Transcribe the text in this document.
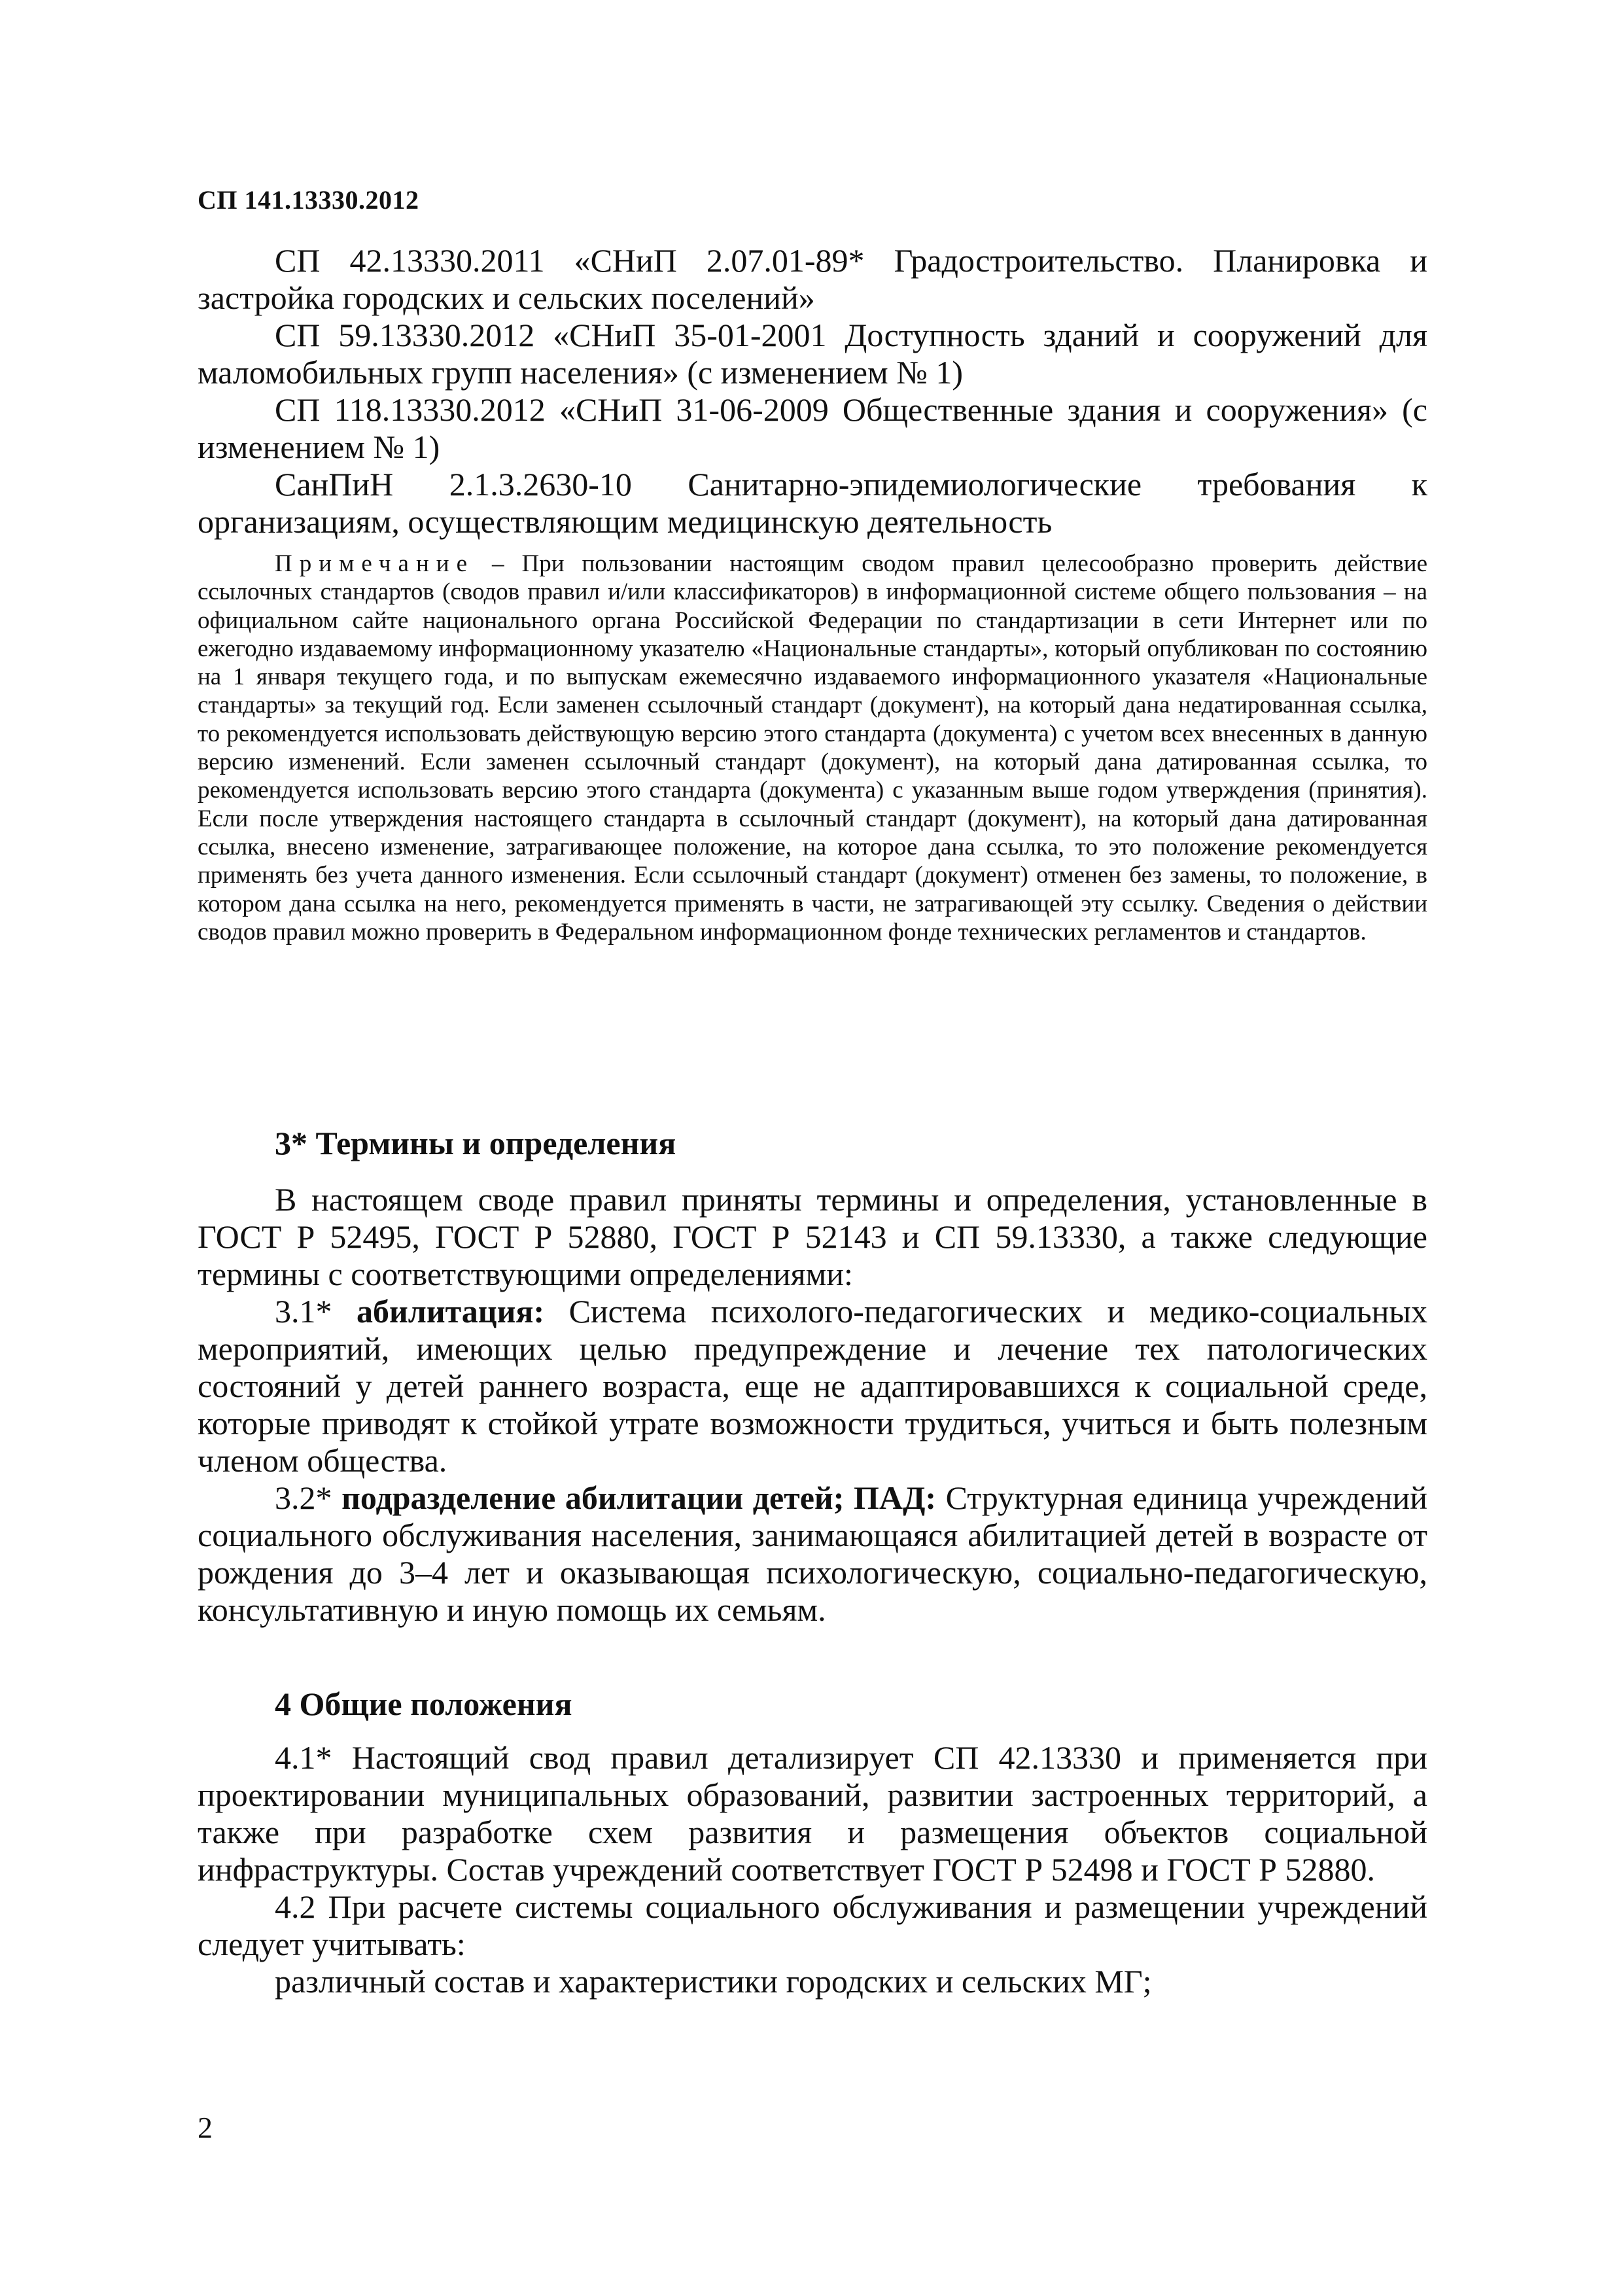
СП 141.13330.2012

СП 42.13330.2011 «СНиП 2.07.01-89* Градостроительство. Планировка и застройка городских и сельских поселений»

СП 59.13330.2012 «СНиП 35-01-2001 Доступность зданий и сооружений для маломобильных групп населения» (с изменением № 1)

СП 118.13330.2012 «СНиП 31-06-2009 Общественные здания и сооружения» (с изменением № 1)

СанПиН 2.1.3.2630-10 Санитарно-эпидемиологические требования к организациям, осуществляющим медицинскую деятельность

Примечание – При пользовании настоящим сводом правил целесообразно проверить действие ссылочных стандартов (сводов правил и/или классификаторов) в информационной системе общего пользования – на официальном сайте национального органа Российской Федерации по стандартизации в сети Интернет или по ежегодно издаваемому информационному указателю «Национальные стандарты», который опубликован по состоянию на 1 января текущего года, и по выпускам ежемесячно издаваемого информационного указателя «Национальные стандарты» за текущий год. Если заменен ссылочный стандарт (документ), на который дана недатированная ссылка, то рекомендуется использовать действующую версию этого стандарта (документа) с учетом всех внесенных в данную версию изменений. Если заменен ссылочный стандарт (документ), на который дана датированная ссылка, то рекомендуется использовать версию этого стандарта (документа) с указанным выше годом утверждения (принятия). Если после утверждения настоящего стандарта в ссылочный стандарт (документ), на который дана датированная ссылка, внесено изменение, затрагивающее положение, на которое дана ссылка, то это положение рекомендуется применять без учета данного изменения. Если ссылочный стандарт (документ) отменен без замены, то положение, в котором дана ссылка на него, рекомендуется применять в части, не затрагивающей эту ссылку. Сведения о действии сводов правил можно проверить в Федеральном информационном фонде технических регламентов и стандартов.

3* Термины и определения

В настоящем своде правил приняты термины и определения, установленные в ГОСТ Р 52495, ГОСТ Р 52880, ГОСТ Р 52143 и СП 59.13330, а также следующие термины с соответствующими определениями:

3.1* абилитация: Система психолого-педагогических и медико-социальных мероприятий, имеющих целью предупреждение и лечение тех патологических состояний у детей раннего возраста, еще не адаптировавшихся к социальной среде, которые приводят к стойкой утрате возможности трудиться, учиться и быть полезным членом общества.

3.2* подразделение абилитации детей; ПАД: Структурная единица учреждений социального обслуживания населения, занимающаяся абилитацией детей в возрасте от рождения до 3–4 лет и оказывающая психологическую, социально-педагогическую, консультативную и иную помощь их семьям.

4 Общие положения

4.1* Настоящий свод правил детализирует СП 42.13330 и применяется при проектировании муниципальных образований, развитии застроенных территорий, а также при разработке схем развития и размещения объектов социальной инфраструктуры. Состав учреждений соответствует ГОСТ Р 52498 и ГОСТ Р 52880.

4.2 При расчете системы социального обслуживания и размещении учреждений следует учитывать:

различный состав и характеристики городских и сельских МГ;

2
